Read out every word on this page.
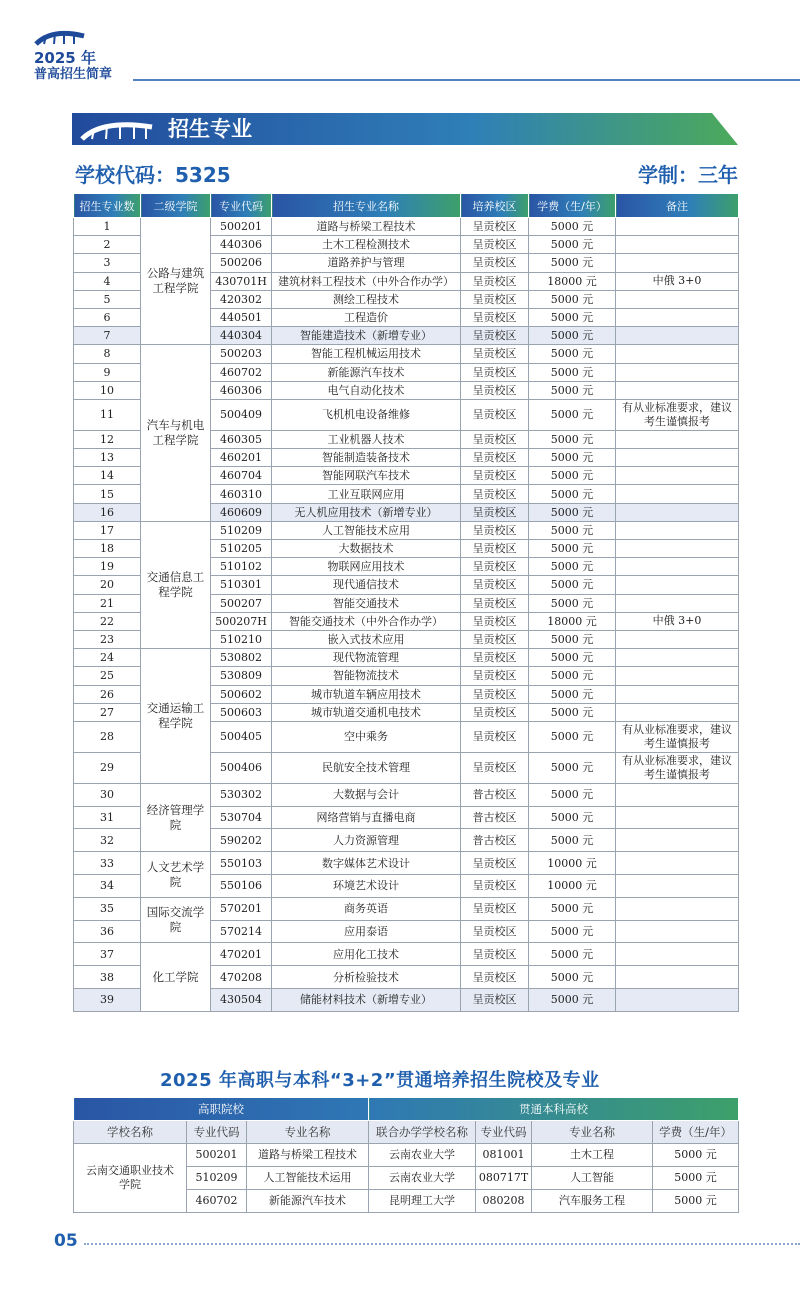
2025 年
普高招生简章
招生专业
学校代码：5325	学制：三年
招生专业数	二级学院	专业代码	招生专业名称	培养校区	学费（生/年）	备注
1	公路与建筑工程学院	500201	道路与桥梁工程技术	呈贡校区	5000 元	
2		440306	土木工程检测技术	呈贡校区	5000 元	
3		500206	道路养护与管理	呈贡校区	5000 元	
4		430701H	建筑材料工程技术（中外合作办学）	呈贡校区	18000 元	中俄 3+0
5		420302	测绘工程技术	呈贡校区	5000 元	
6		440501	工程造价	呈贡校区	5000 元	
7		440304	智能建造技术（新增专业）	呈贡校区	5000 元	
8	汽车与机电工程学院	500203	智能工程机械运用技术	呈贡校区	5000 元	
9		460702	新能源汽车技术	呈贡校区	5000 元	
10		460306	电气自动化技术	呈贡校区	5000 元	
11		500409	飞机机电设备维修	呈贡校区	5000 元	有从业标准要求，建议考生谨慎报考
12		460305	工业机器人技术	呈贡校区	5000 元	
13		460201	智能制造装备技术	呈贡校区	5000 元	
14		460704	智能网联汽车技术	呈贡校区	5000 元	
15		460310	工业互联网应用	呈贡校区	5000 元	
16		460609	无人机应用技术（新增专业）	呈贡校区	5000 元	
17	交通信息工程学院	510209	人工智能技术应用	呈贡校区	5000 元	
18		510205	大数据技术	呈贡校区	5000 元	
19		510102	物联网应用技术	呈贡校区	5000 元	
20		510301	现代通信技术	呈贡校区	5000 元	
21		500207	智能交通技术	呈贡校区	5000 元	
22		500207H	智能交通技术（中外合作办学）	呈贡校区	18000 元	中俄 3+0
23		510210	嵌入式技术应用	呈贡校区	5000 元	
24	交通运输工程学院	530802	现代物流管理	呈贡校区	5000 元	
25		530809	智能物流技术	呈贡校区	5000 元	
26		500602	城市轨道车辆应用技术	呈贡校区	5000 元	
27		500603	城市轨道交通机电技术	呈贡校区	5000 元	
28		500405	空中乘务	呈贡校区	5000 元	有从业标准要求，建议考生谨慎报考
29		500406	民航安全技术管理	呈贡校区	5000 元	有从业标准要求，建议考生谨慎报考
30	经济管理学院	530302	大数据与会计	普古校区	5000 元	
31		530704	网络营销与直播电商	普古校区	5000 元	
32		590202	人力资源管理	普古校区	5000 元	
33	人文艺术学院	550103	数字媒体艺术设计	呈贡校区	10000 元	
34		550106	环境艺术设计	呈贡校区	10000 元	
35	国际交流学院	570201	商务英语	呈贡校区	5000 元	
36		570214	应用泰语	呈贡校区	5000 元	
37	化工学院	470201	应用化工技术	呈贡校区	5000 元	
38		470208	分析检验技术	呈贡校区	5000 元	
39		430504	储能材料技术（新增专业）	呈贡校区	5000 元	
2025 年高职与本科“3+2”贯通培养招生院校及专业
高职院校			贯通本科高校			
学校名称	专业代码	专业名称	联合办学学校名称	专业代码	专业名称	学费（生/年）
云南交通职业技术学院	500201	道路与桥梁工程技术	云南农业大学	081001	土木工程	5000 元
	510209	人工智能技术运用	云南农业大学	080717T	人工智能	5000 元
	460702	新能源汽车技术	昆明理工大学	080208	汽车服务工程	5000 元
05
